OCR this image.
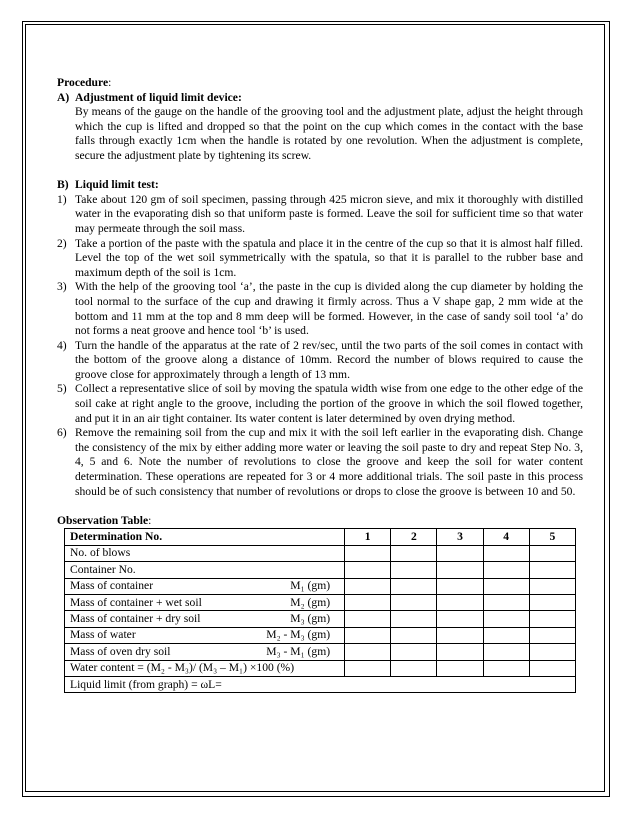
Procedure:
A) Adjustment of liquid limit device:
By means of the gauge on the handle of the grooving tool and the adjustment plate, adjust the height through which the cup is lifted and dropped so that the point on the cup which comes in the contact with the base falls through exactly 1cm when the handle is rotated by one revolution. When the adjustment is complete, secure the adjustment plate by tightening its screw.
B) Liquid limit test:
1) Take about 120 gm of soil specimen, passing through 425 micron sieve, and mix it thoroughly with distilled water in the evaporating dish so that uniform paste is formed. Leave the soil for sufficient time so that water may permeate through the soil mass.
2) Take a portion of the paste with the spatula and place it in the centre of the cup so that it is almost half filled. Level the top of the wet soil symmetrically with the spatula, so that it is parallel to the rubber base and maximum depth of the soil is 1cm.
3) With the help of the grooving tool ‘a’, the paste in the cup is divided along the cup diameter by holding the tool normal to the surface of the cup and drawing it firmly across. Thus a V shape gap, 2 mm wide at the bottom and 11 mm at the top and 8 mm deep will be formed. However, in the case of sandy soil tool ‘a’ do not forms a neat groove and hence tool ‘b’ is used.
4) Turn the handle of the apparatus at the rate of 2 rev/sec, until the two parts of the soil comes in contact with the bottom of the groove along a distance of 10mm. Record the number of blows required to cause the groove close for approximately through a length of 13 mm.
5) Collect a representative slice of soil by moving the spatula width wise from one edge to the other edge of the soil cake at right angle to the groove, including the portion of the groove in which the soil flowed together, and put it in an air tight container. Its water content is later determined by oven drying method.
6) Remove the remaining soil from the cup and mix it with the soil left earlier in the evaporating dish. Change the consistency of the mix by either adding more water or leaving the soil paste to dry and repeat Step No. 3, 4, 5 and 6. Note the number of revolutions to close the groove and keep the soil for water content determination. These operations are repeated for 3 or 4 more additional trials. The soil paste in this process should be of such consistency that number of revolutions or drops to close the groove is between 10 and 50.
Observation Table:
Determination No.	1	2	3	4	5
No. of blows					
Container No.					
Mass of container M₁ (gm)					

Mass of container + wet soil M₂ (gm)					

Mass of container + dry soil M₃ (gm)					

Mass of water M₂ - M₃ (gm)					

Mass of oven dry soil M₃ - M₁ (gm)					

Water content = (M₂ - M₃)/ (M₃ – M₁) ×100 (%)					
Liquid limit (from graph) = ωL=					
